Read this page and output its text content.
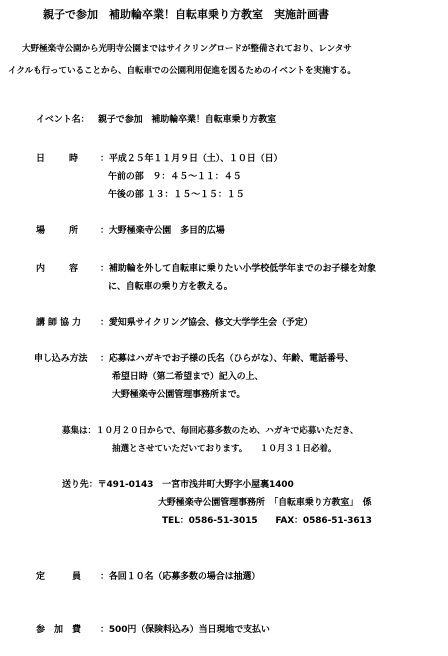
親子で参加　補助輪卒業！自転車乗り方教室　実施計画書
大野極楽寺公園から光明寺公園まではサイクリングロードが整備されており、レンタサ
イクルも行っていることから、自転車での公園利用促進を図るためのイベントを実施する。
イベント名： 親子で参加　補助輪卒業！自転車乗り方教室
日　　時 ：平成２５年１１月９日（土）、１０日（日）
午前の部　９：４５～１１：４５
午後の部 １３：１５～１５：１５
場　　所 ：大野極楽寺公園　多目的広場
内　　容 ：補助輪を外して自転車に乗りたい小学校低学年までのお子様を対象
に、自転車の乗り方を教える。
講師協力 ：愛知県サイクリング協会、修文大学学生会（予定）
申し込み方法 ：応募はハガキでお子様の氏名（ひらがな）、年齢、電話番号、
希望日時（第二希望まで）記入の上、
大野極楽寺公園管理事務所まで。
募集は：１０月２０日からで、毎回応募多数のため、ハガキで応募いただき、
抽選とさせていただいております。　　１０月３１日必着。
送り先：〒491-0143　一宮市浅井町大野字小屋裏1400
大野極楽寺公園管理事務所　「自転車乗り方教室」　係
TEL：0586-51-3015　　FAX：0586-51-3613
定　　員 ：各回１０名（応募多数の場合は抽選）
参加費 ：500円（保険料込み）当日現地で支払い
